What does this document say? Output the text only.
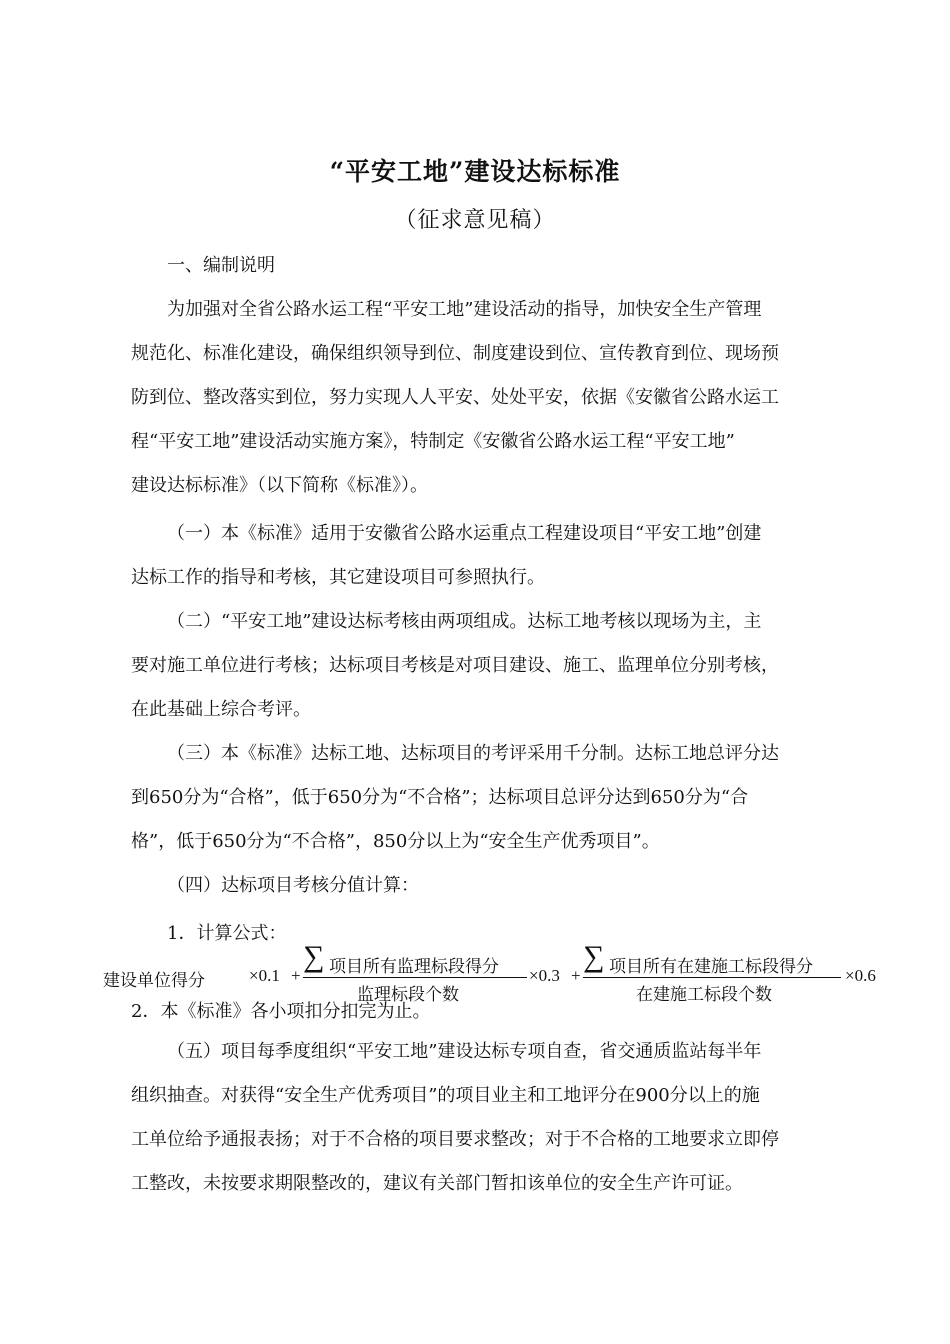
“平安工地”建设达标标准
（征求意见稿）

一、编制说明

为加强对全省公路水运工程“平安工地”建设活动的指导，加快安全生产管理
规范化、标准化建设，确保组织领导到位、制度建设到位、宣传教育到位、现场预
防到位、整改落实到位，努力实现人人平安、处处平安，依据《安徽省公路水运工
程“平安工地”建设活动实施方案》，特制定《安徽省公路水运工程“平安工地”
建设达标标准》（以下简称《标准》）。

（一）本《标准》适用于安徽省公路水运重点工程建设项目“平安工地”创建
达标工作的指导和考核，其它建设项目可参照执行。

（二）“平安工地”建设达标考核由两项组成。达标工地考核以现场为主，主
要对施工单位进行考核；达标项目考核是对项目建设、施工、监理单位分别考核，
在此基础上综合考评。

（三）本《标准》达标工地、达标项目的考评采用千分制。达标工地总评分达
到650分为“合格”，低于650分为“不合格”；达标项目总评分达到650分为“合
格”，低于650分为“不合格”，850分以上为“安全生产优秀项目”。

（四）达标项目考核分值计算：

1．计算公式：

建设单位得分	×0.1 +
∑ 项目所有监理标段得分
监理标段个数
×0.3 +
∑ 项目所有在建施工标段得分
在建施工标段个数
×0.6

2．本《标准》各小项扣分扣完为止。

（五）项目每季度组织“平安工地”建设达标专项自查，省交通质监站每半年
组织抽查。对获得“安全生产优秀项目”的项目业主和工地评分在900分以上的施
工单位给予通报表扬；对于不合格的项目要求整改；对于不合格的工地要求立即停
工整改，未按要求期限整改的，建议有关部门暂扣该单位的安全生产许可证。
